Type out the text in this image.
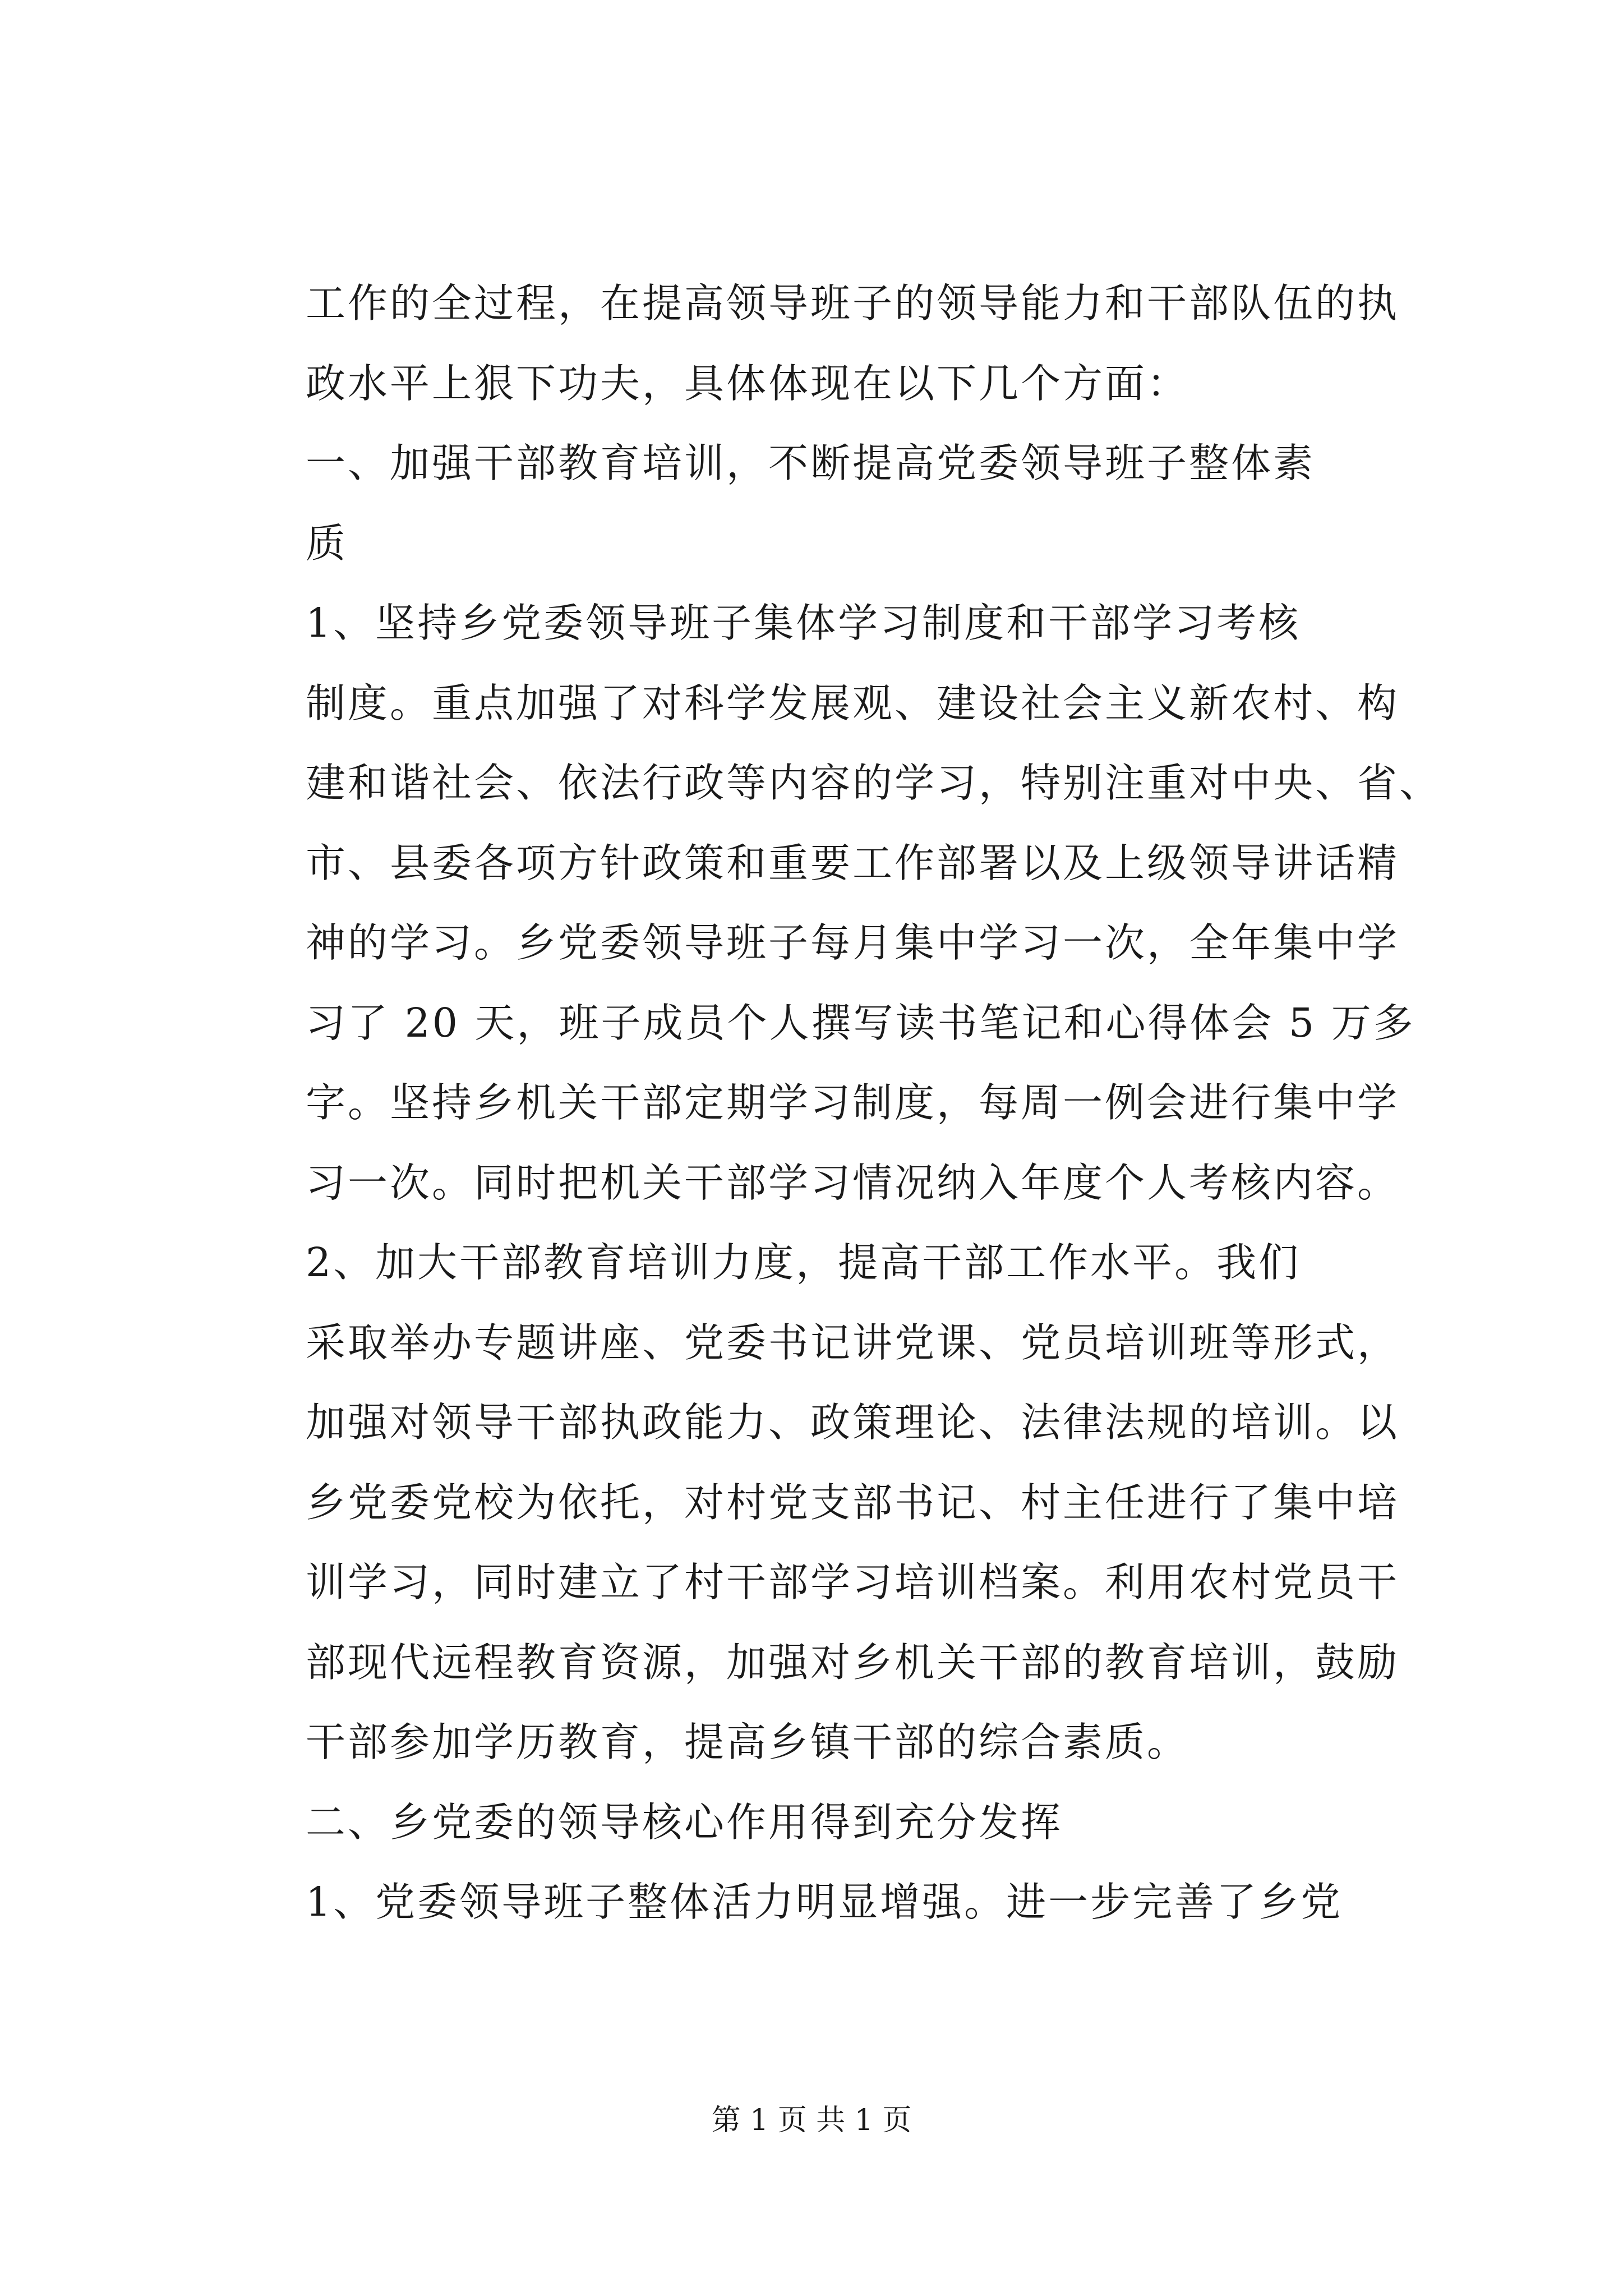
工作的全过程，在提高领导班子的领导能力和干部队伍的执
政水平上狠下功夫，具体体现在以下几个方面：
一、加强干部教育培训，不断提高党委领导班子整体素
质
1、坚持乡党委领导班子集体学习制度和干部学习考核
制度。重点加强了对科学发展观、建设社会主义新农村、构
建和谐社会、依法行政等内容的学习，特别注重对中央、省、
市、县委各项方针政策和重要工作部署以及上级领导讲话精
神的学习。乡党委领导班子每月集中学习一次，全年集中学
习了 20 天，班子成员个人撰写读书笔记和心得体会 5 万多
字。坚持乡机关干部定期学习制度，每周一例会进行集中学
习一次。同时把机关干部学习情况纳入年度个人考核内容。
2、加大干部教育培训力度，提高干部工作水平。我们
采取举办专题讲座、党委书记讲党课、党员培训班等形式，
加强对领导干部执政能力、政策理论、法律法规的培训。以
乡党委党校为依托，对村党支部书记、村主任进行了集中培
训学习，同时建立了村干部学习培训档案。利用农村党员干
部现代远程教育资源，加强对乡机关干部的教育培训，鼓励
干部参加学历教育，提高乡镇干部的综合素质。
二、乡党委的领导核心作用得到充分发挥
1、党委领导班子整体活力明显增强。进一步完善了乡党
第 1 页 共 1 页
